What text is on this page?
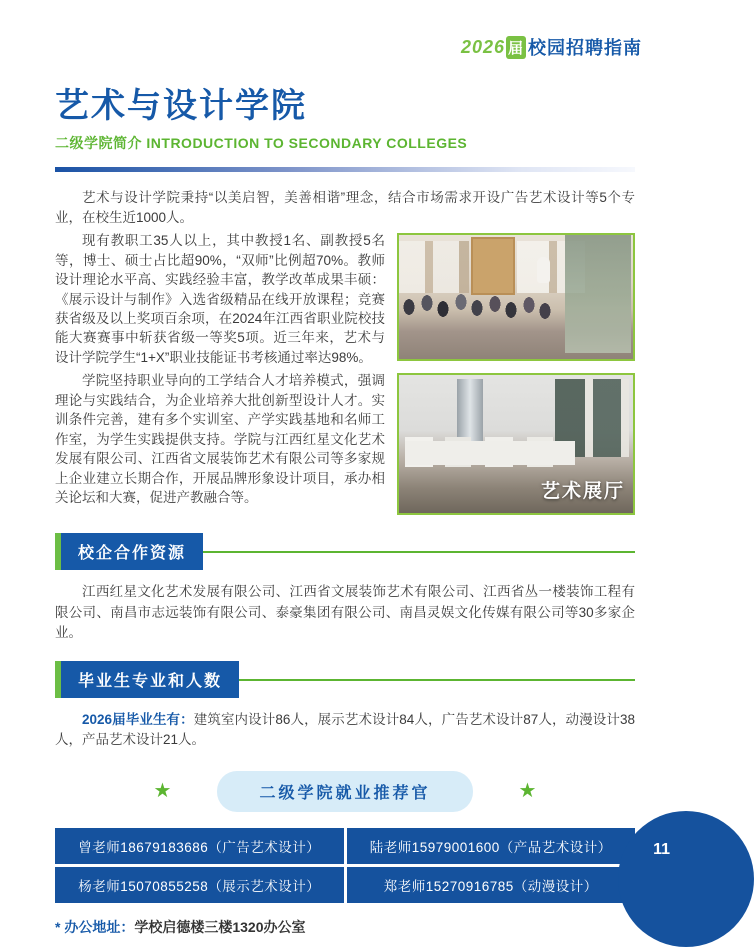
2026 届 校园招聘指南
艺术与设计学院
二级学院简介 INTRODUCTION TO SECONDARY COLLEGES

艺术与设计学院秉持“以美启智，美善相谐”理念，结合市场需求开设广告艺术设计等5个专业，在校生近1000人。

艺术展厅

现有教职工35人以上，其中教授1名、副教授5名等，博士、硕士占比超90%，“双师”比例超70%。教师设计理论水平高、实践经验丰富，教学改革成果丰硕：《展示设计与制作》入选省级精品在线开放课程；竞赛获省级及以上奖项百余项，在2024年江西省职业院校技能大赛赛事中斩获省级一等奖5项。近三年来，艺术与设计学院学生“1+X”职业技能证书考核通过率达98%。

学院坚持职业导向的工学结合人才培养模式，强调理论与实践结合，为企业培养大批创新型设计人才。实训条件完善，建有多个实训室、产学实践基地和名师工作室，为学生实践提供支持。学院与江西红星文化艺术发展有限公司、江西省文展装饰艺术有限公司等多家规上企业建立长期合作，开展品牌形象设计项目，承办相关论坛和大赛，促进产教融合等。

校企合作资源
江西红星文化艺术发展有限公司、江西省文展装饰艺术有限公司、江西省丛一楼装饰工程有限公司、南昌市志远装饰有限公司、泰豪集团有限公司、南昌灵娱文化传媒有限公司等30多家企业。
毕业生专业和人数
2026届毕业生有：建筑室内设计86人，展示艺术设计84人，广告艺术设计87人，动漫设计38人，产品艺术设计21人。
★	二级学院就业推荐官	★
曾老师18679183686（广告艺术设计）	陆老师15979001600（产品艺术设计）
杨老师15070855258（展示艺术设计）	郑老师15270916785（动漫设计）
* 办公地址：学校启德楼三楼1320办公室
11
